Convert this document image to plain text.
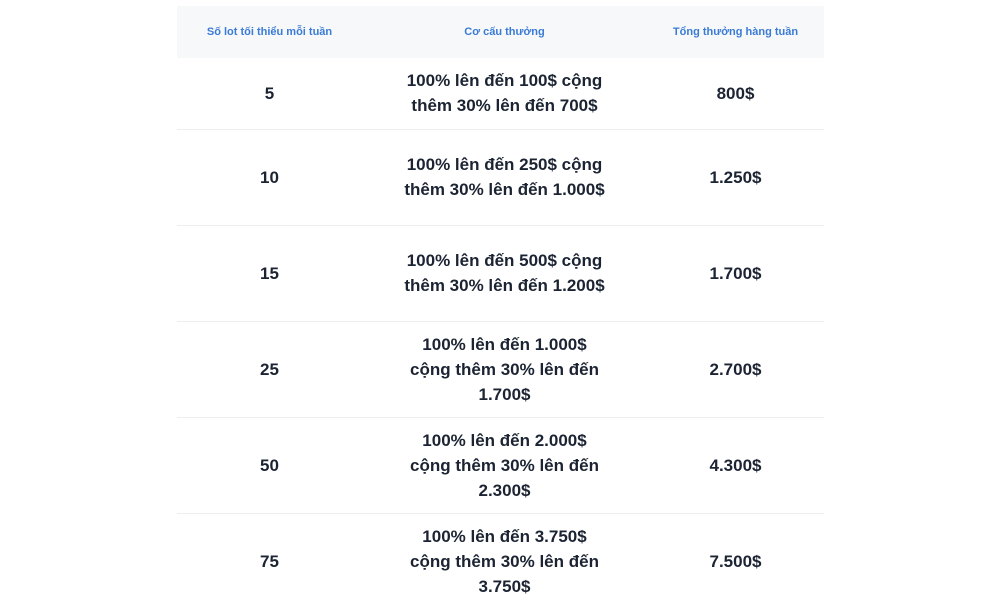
Số lot tối thiểu mỗi tuần	Cơ cấu thưởng	Tổng thưởng hàng tuần
5	100% lên đến 100$ cộng thêm 30% lên đến 700$	800$
10	100% lên đến 250$ cộng thêm 30% lên đến 1.000$	1.250$
15	100% lên đến 500$ cộng thêm 30% lên đến 1.200$	1.700$
25	100% lên đến 1.000$ cộng thêm 30% lên đến 1.700$	2.700$
50	100% lên đến 2.000$ cộng thêm 30% lên đến 2.300$	4.300$
75	100% lên đến 3.750$ cộng thêm 30% lên đến 3.750$	7.500$
